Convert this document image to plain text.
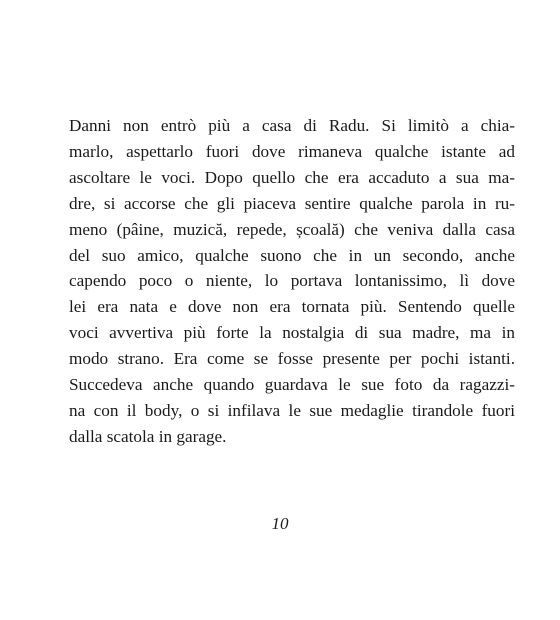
Danni non entrò più a casa di Radu. Si limitò a chia-
marlo, aspettarlo fuori dove rimaneva qualche istante ad
ascoltare le voci. Dopo quello che era accaduto a sua ma-
dre, si accorse che gli piaceva sentire qualche parola in ru-
meno (pâine, muzică, repede, școală) che veniva dalla casa
del suo amico, qualche suono che in un secondo, anche
capendo poco o niente, lo portava lontanissimo, lì dove
lei era nata e dove non era tornata più. Sentendo quelle
voci avvertiva più forte la nostalgia di sua madre, ma in
modo strano. Era come se fosse presente per pochi istanti.
Succedeva anche quando guardava le sue foto da ragazzi-
na con il body, o si infilava le sue medaglie tirandole fuori
dalla scatola in garage.
10
